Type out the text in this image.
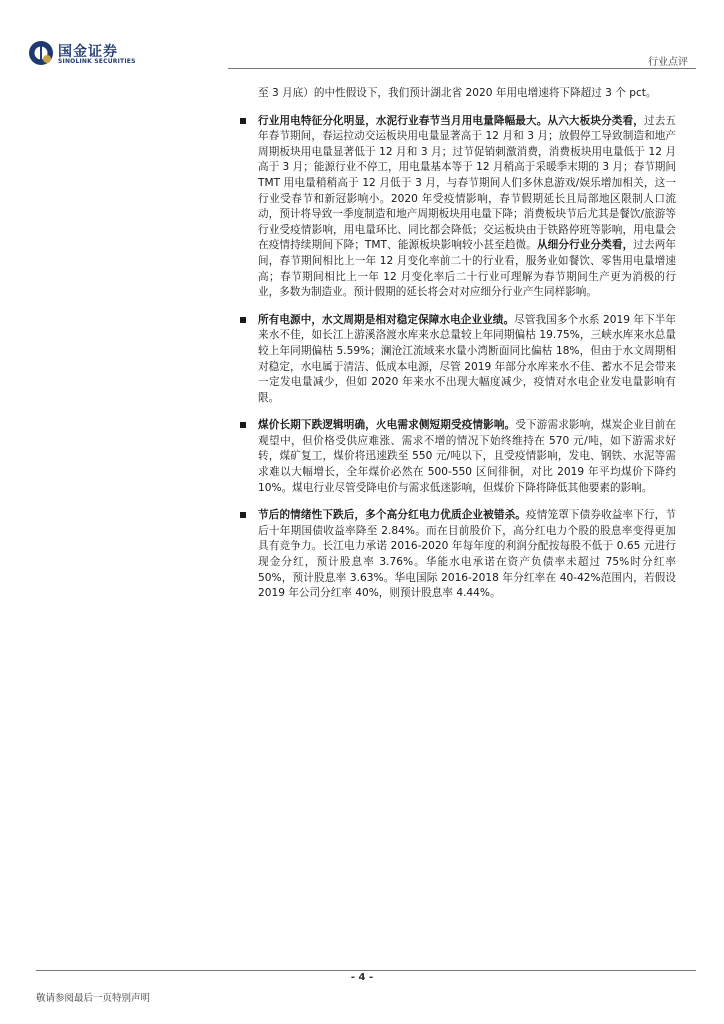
国金证券
SINOLINK SECURITIES	行业点评
至 3 月底）的中性假设下，我们预计湖北省 2020 年用电增速将下降超过 3 个 pct。
行业用电特征分化明显，水泥行业春节当月用电量降幅最大。从六大板块分类看，过去五年春节期间，春运拉动交运板块用电量显著高于 12 月和 3 月；放假停工导致制造和地产周期板块用电量显著低于 12 月和 3 月；过节促销刺激消费，消费板块用电量低于 12 月高于 3 月；能源行业不停工，用电量基本等于 12 月稍高于采暖季末期的 3 月；春节期间 TMT 用电量稍稍高于 12 月低于 3 月，与春节期间人们多休息游戏/娱乐增加相关，这一行业受春节和新冠影响小。2020 年受疫情影响，春节假期延长且局部地区限制人口流动，预计将导致一季度制造和地产周期板块用电量下降；消费板块节后尤其是餐饮/旅游等行业受疫情影响，用电量环比、同比都会降低；交运板块由于铁路停班等影响，用电量会在疫情持续期间下降；TMT、能源板块影响较小甚至趋微。从细分行业分类看，过去两年间，春节期间相比上一年 12 月变化率前二十的行业看，服务业如餐饮、零售用电量增速高；春节期间相比上一年 12 月变化率后二十行业可理解为春节期间生产更为消极的行业，多数为制造业。预计假期的延长将会对对应细分行业产生同样影响。
所有电源中，水文周期是相对稳定保障水电企业业绩。尽管我国多个水系 2019 年下半年来水不佳，如长江上游溪洛渡水库来水总量较上年同期偏枯 19.75%，三峡水库来水总量较上年同期偏枯 5.59%；澜沧江流域来水量小湾断面同比偏枯 18%，但由于水文周期相对稳定，水电属于清洁、低成本电源，尽管 2019 年部分水库来水不佳、蓄水不足会带来一定发电量减少，但如 2020 年来水不出现大幅度减少，疫情对水电企业发电量影响有限。
煤价长期下跌逻辑明确，火电需求侧短期受疫情影响。受下游需求影响，煤炭企业目前在观望中，但价格受供应难涨、需求不增的情况下始终维持在 570 元/吨，如下游需求好转，煤矿复工，煤价将迅速跌至 550 元/吨以下，且受疫情影响，发电、钢铁、水泥等需求难以大幅增长，全年煤价必然在 500-550 区间徘徊，对比 2019 年平均煤价下降约 10%。煤电行业尽管受降电价与需求低迷影响，但煤价下降将降低其他要素的影响。
节后的情绪性下跌后，多个高分红电力优质企业被错杀。疫情笼罩下债券收益率下行，节后十年期国债收益率降至 2.84%。而在目前股价下，高分红电力个股的股息率变得更加具有竞争力。长江电力承诺 2016-2020 年每年度的利润分配按每股不低于 0.65 元进行现金分红，预计股息率 3.76%。华能水电承诺在资产负债率未超过 75%时分红率 50%，预计股息率 3.63%。华电国际 2016-2018 年分红率在 40-42%范围内，若假设 2019 年公司分红率 40%，则预计股息率 4.44%。
- 4 -
敬请参阅最后一页特别声明
